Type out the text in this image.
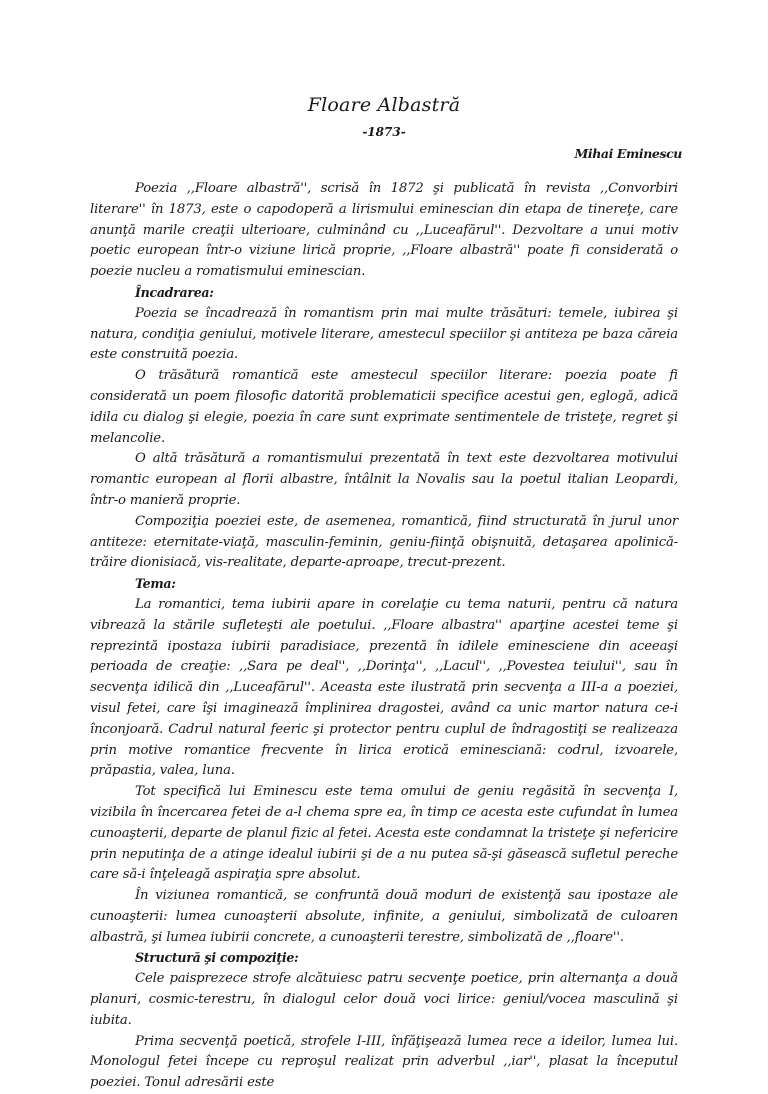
Floare Albastră
-1873-
Mihai Eminescu

Poezia ,,Floare albastră'', scrisă în 1872 şi publicată în revista ,,Convorbiri literare'' în 1873, este o capodoperă a lirismului eminescian din etapa de tinereţe, care anunţă marile creaţii ulterioare, culminând cu ,,Luceafărul''. Dezvoltare a unui motiv poetic european într-o viziune lirică proprie, ,,Floare albastră'' poate fi considerată o poezie nucleu a romatismului eminescian.

Încadrarea:

Poezia se încadrează în romantism prin mai multe trăsături: temele, iubirea şi natura, condiţia geniului, motivele literare, amestecul speciilor şi antiteza pe baza căreia este construită poezia.

O trăsătură romantică este amestecul speciilor literare: poezia poate fi considerată un poem filosofic datorită problematicii specifice acestui gen, eglogă, adică idila cu dialog şi elegie, poezia în care sunt exprimate sentimentele de tristeţe, regret şi melancolie.

O altă trăsătură a romantismului prezentată în text este dezvoltarea motivului romantic european al florii albastre, întâlnit la Novalis sau la poetul italian Leopardi, într-o manieră proprie.

Compoziţia poeziei este, de asemenea, romantică, fiind structurată în jurul unor antiteze: eternitate-viaţă, masculin-feminin, geniu-fiinţă obişnuită, detaşarea apolinică-trăire dionisiacă, vis-realitate, departe-aproape, trecut-prezent.

Tema:

La romantici, tema iubirii apare in corelaţie cu tema naturii, pentru că natura vibrează la stările sufleteşti ale poetului. ,,Floare albastra'' aparţine acestei teme şi reprezintă ipostaza iubirii paradisiace, prezentă în idilele eminesciene din aceeaşi perioada de creaţie: ,,Sara pe deal'', ,,Dorinţa'', ,,Lacul'', ,,Povestea teiului'', sau în secvenţa idilică din ,,Luceafărul''. Aceasta este ilustrată prin secvenţa a III-a a poeziei, visul fetei, care îşi imaginează împlinirea dragostei, având ca unic martor natura ce-i înconjoară. Cadrul natural feeric şi protector pentru cuplul de îndragostiţi se realizeaza prin motive romantice frecvente în lirica erotică eminesciană: codrul, izvoarele, prăpastia, valea, luna.

Tot specifică lui Eminescu este tema omului de geniu regăsită în secvenţa I, vizibila în încercarea fetei de a-l chema spre ea, în timp ce acesta este cufundat în lumea cunoaşterii, departe de planul fizic al fetei. Acesta este condamnat la tristeţe şi nefericire prin neputinţa de a atinge idealul iubirii şi de a nu putea să-şi găsească sufletul pereche care să-i înţeleagă aspiraţia spre absolut.

În viziunea romantică, se confruntă două moduri de existenţă sau ipostaze ale cunoaşterii: lumea cunoaşterii absolute, infinite, a geniului, simbolizată de culoaren albastră, şi lumea iubirii concrete, a cunoaşterii terestre, simbolizată de ,,floare''.

Structură şi compoziţie:

Cele paisprezece strofe alcătuiesc patru secvenţe poetice, prin alternanţa a două planuri, cosmic-terestru, în dialogul celor două voci lirice: geniul/vocea masculină şi iubita.

Prima secvenţă poetică, strofele I-III, înfăţişează lumea rece a ideilor, lumea lui. Monologul fetei începe cu reproşul realizat prin adverbul ,,iar'', plasat la începutul poeziei. Tonul adresării este
